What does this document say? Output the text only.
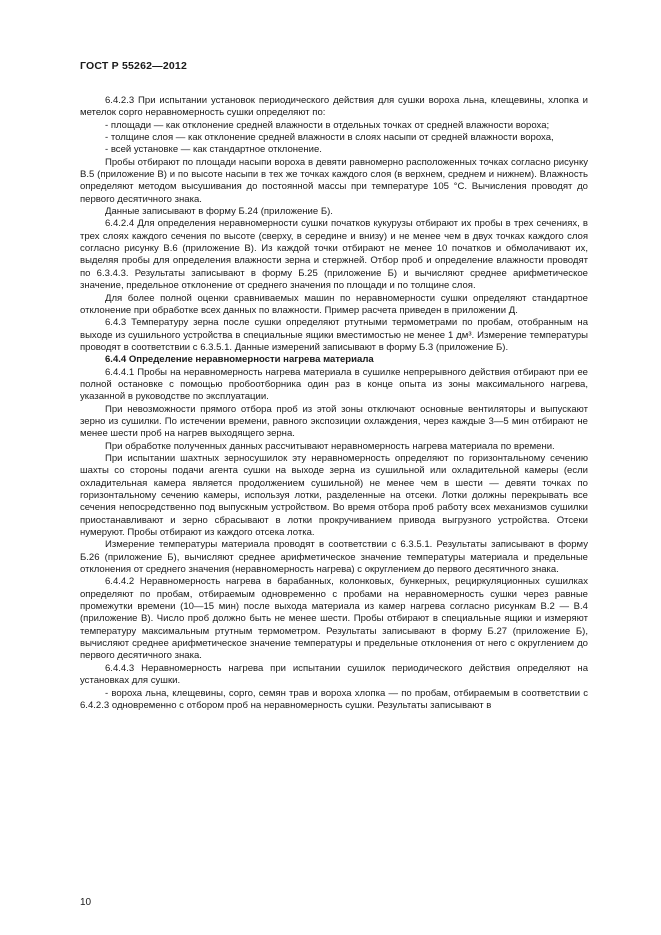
ГОСТ Р 55262—2012

6.4.2.3 При испытании установок периодического действия для сушки вороха льна, клещевины, хлопка и метелок сорго неравномерность сушки определяют по:

- площади — как отклонение средней влажности в отдельных точках от средней влажности вороха;

- толщине слоя — как отклонение средней влажности в слоях насыпи от средней влажности вороха,

- всей установке — как стандартное отклонение.

Пробы отбирают по площади насыпи вороха в девяти равномерно расположенных точках согласно рисунку В.5 (приложение В) и по высоте насыпи в тех же точках каждого слоя (в верхнем, среднем и нижнем). Влажность определяют методом высушивания до постоянной массы при температуре 105 °С. Вычисления проводят до первого десятичного знака.

Данные записывают в форму Б.24 (приложение Б).

6.4.2.4 Для определения неравномерности сушки початков кукурузы отбирают их пробы в трех сечениях, в трех слоях каждого сечения по высоте (сверху, в середине и внизу) и не менее чем в двух точках каждого слоя согласно рисунку В.6 (приложение В). Из каждой точки отбирают не менее 10 початков и обмолачивают их, выделяя пробы для определения влажности зерна и стержней. Отбор проб и определение влажности проводят по 6.3.4.3. Результаты записывают в форму Б.25 (приложение Б) и вычисляют среднее арифметическое значение, предельное отклонение от среднего значения по площади и по толщине слоя.

Для более полной оценки сравниваемых машин по неравномерности сушки определяют стандартное отклонение при обработке всех данных по влажности. Пример расчета приведен в приложении Д.

6.4.3 Температуру зерна после сушки определяют ртутными термометрами по пробам, отобранным на выходе из сушильного устройства в специальные ящики вместимостью не менее 1 дм³. Измерение температуры проводят в соответствии с 6.3.5.1. Данные измерений записывают в форму Б.3 (приложение Б).

6.4.4 Определение неравномерности нагрева материала

6.4.4.1 Пробы на неравномерность нагрева материала в сушилке непрерывного действия отбирают при ее полной остановке с помощью пробоотборника один раз в конце опыта из зоны максимального нагрева, указанной в руководстве по эксплуатации.

При невозможности прямого отбора проб из этой зоны отключают основные вентиляторы и выпускают зерно из сушилки. По истечении времени, равного экспозиции охлаждения, через каждые 3—5 мин отбирают не менее шести проб на нагрев выходящего зерна.

При обработке полученных данных рассчитывают неравномерность нагрева материала по времени.

При испытании шахтных зерносушилок эту неравномерность определяют по горизонтальному сечению шахты со стороны подачи агента сушки на выходе зерна из сушильной или охладительной камеры (если охладительная камера является продолжением сушильной) не менее чем в шести — девяти точках по горизонтальному сечению камеры, используя лотки, разделенные на отсеки. Лотки должны перекрывать все сечения непосредственно под выпускным устройством. Во время отбора проб работу всех механизмов сушилки приостанавливают и зерно сбрасывают в лотки прокручиванием привода выгрузного устройства. Отсеки нумеруют. Пробы отбирают из каждого отсека лотка.

Измерение температуры материала проводят в соответствии с 6.3.5.1. Результаты записывают в форму Б.26 (приложение Б), вычисляют среднее арифметическое значение температуры материала и предельные отклонения от среднего значения (неравномерность нагрева) с округлением до первого десятичного знака.

6.4.4.2 Неравномерность нагрева в барабанных, колонковых, бункерных, рециркуляционных сушилках определяют по пробам, отбираемым одновременно с пробами на неравномерность сушки через равные промежутки времени (10—15 мин) после выхода материала из камер нагрева согласно рисункам В.2 — В.4 (приложение В). Число проб должно быть не менее шести. Пробы отбирают в специальные ящики и измеряют температуру максимальным ртутным термометром. Результаты записывают в форму Б.27 (приложение Б), вычисляют среднее арифметическое значение температуры и предельные отклонения от него с округлением до первого десятичного знака.

6.4.4.3 Неравномерность нагрева при испытании сушилок периодического действия определяют на установках для сушки.

- вороха льна, клещевины, сорго, семян трав и вороха хлопка — по пробам, отбираемым в соответствии с 6.4.2.3 одновременно с отбором проб на неравномерность сушки. Результаты записывают в

10
